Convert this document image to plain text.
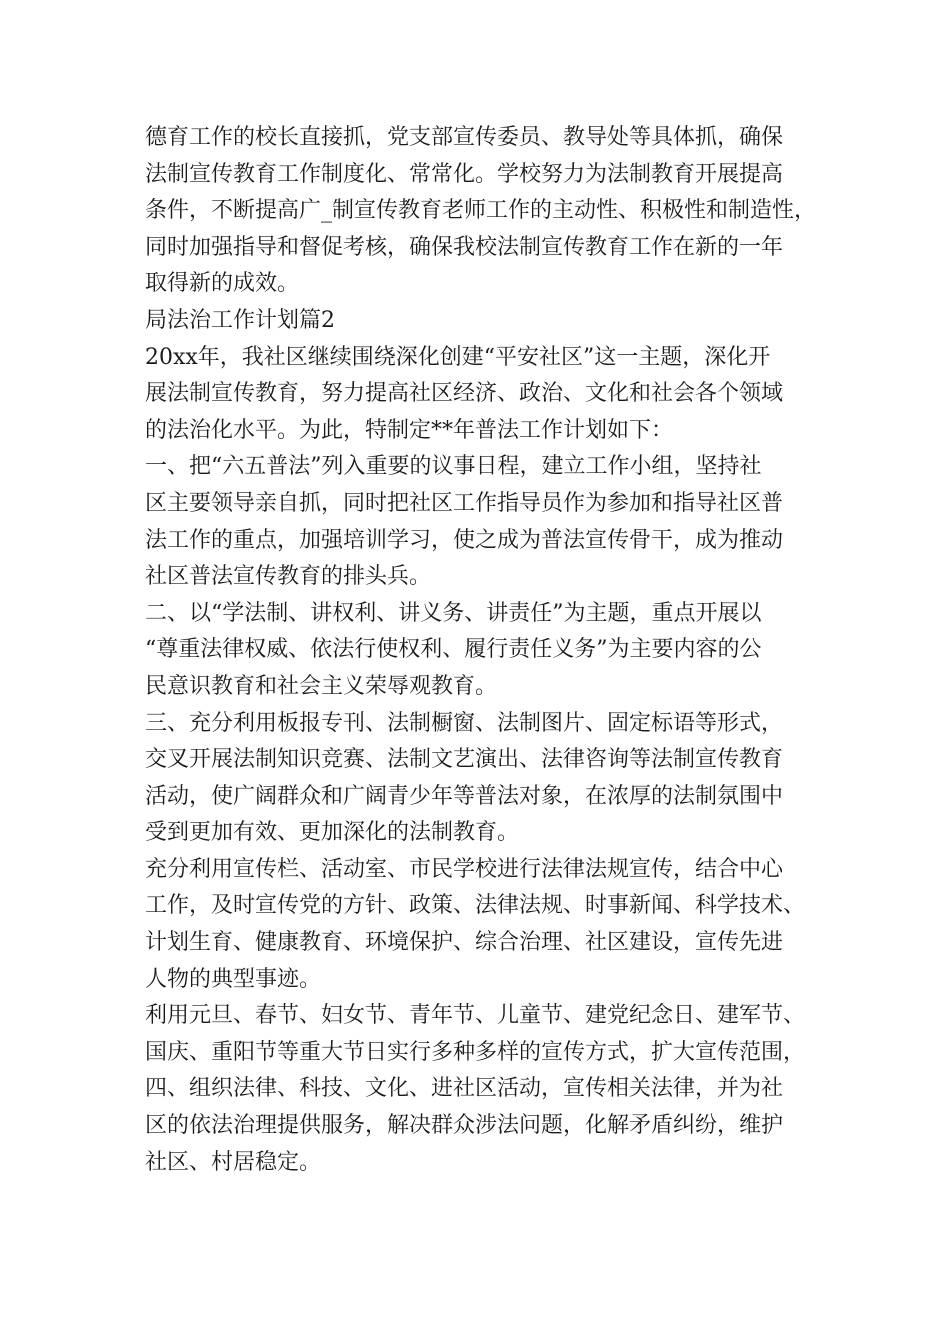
德育工作的校长直接抓，党支部宣传委员、教导处等具体抓，确保
法制宣传教育工作制度化、常常化。学校努力为法制教育开展提高
条件，不断提高广_制宣传教育老师工作的主动性、积极性和制造性，
同时加强指导和督促考核，确保我校法制宣传教育工作在新的一年
取得新的成效。
局法治工作计划篇2
20xx年，我社区继续围绕深化创建“平安社区”这一主题，深化开
展法制宣传教育，努力提高社区经济、政治、文化和社会各个领域
的法治化水平。为此，特制定**年普法工作计划如下：
一、把“六五普法”列入重要的议事日程，建立工作小组，坚持社
区主要领导亲自抓，同时把社区工作指导员作为参加和指导社区普
法工作的重点，加强培训学习，使之成为普法宣传骨干，成为推动
社区普法宣传教育的排头兵。
二、以“学法制、讲权利、讲义务、讲责任”为主题，重点开展以
“尊重法律权威、依法行使权利、履行责任义务”为主要内容的公
民意识教育和社会主义荣辱观教育。
三、充分利用板报专刊、法制橱窗、法制图片、固定标语等形式，
交叉开展法制知识竞赛、法制文艺演出、法律咨询等法制宣传教育
活动，使广阔群众和广阔青少年等普法对象，在浓厚的法制氛围中
受到更加有效、更加深化的法制教育。
充分利用宣传栏、活动室、市民学校进行法律法规宣传，结合中心
工作，及时宣传党的方针、政策、法律法规、时事新闻、科学技术、
计划生育、健康教育、环境保护、综合治理、社区建设，宣传先进
人物的典型事迹。
利用元旦、春节、妇女节、青年节、儿童节、建党纪念日、建军节、
国庆、重阳节等重大节日实行多种多样的宣传方式，扩大宣传范围，
四、组织法律、科技、文化、进社区活动，宣传相关法律，并为社
区的依法治理提供服务，解决群众涉法问题，化解矛盾纠纷，维护
社区、村居稳定。
